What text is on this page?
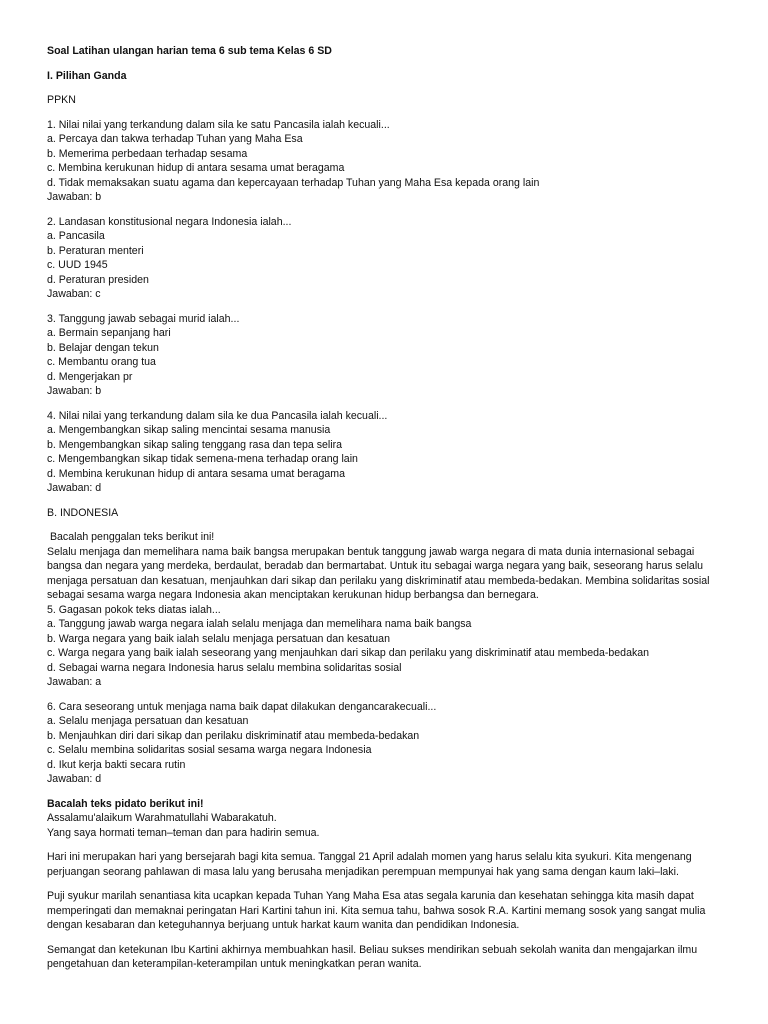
Soal Latihan ulangan harian tema 6 sub tema Kelas 6 SD
I. Pilihan Ganda
PPKN
1. Nilai nilai yang terkandung dalam sila ke satu Pancasila ialah kecuali...
a. Percaya dan takwa terhadap Tuhan yang Maha Esa
b. Memerima perbedaan terhadap sesama
c. Membina kerukunan hidup di antara sesama umat beragama
d. Tidak memaksakan suatu agama dan kepercayaan terhadap Tuhan yang Maha Esa kepada orang lain
Jawaban: b
2. Landasan konstitusional negara Indonesia ialah...
a. Pancasila
b. Peraturan menteri
c. UUD 1945
d. Peraturan presiden
Jawaban: c
3. Tanggung jawab sebagai murid ialah...
a. Bermain sepanjang hari
b. Belajar dengan tekun
c. Membantu orang tua
d. Mengerjakan pr
Jawaban: b
4. Nilai nilai yang terkandung dalam sila ke dua Pancasila ialah kecuali...
a. Mengembangkan sikap saling mencintai sesama manusia
b. Mengembangkan sikap saling tenggang rasa dan tepa selira
c. Mengembangkan sikap tidak semena-mena terhadap orang lain
d. Membina kerukunan hidup di antara sesama umat beragama
Jawaban: d
B. INDONESIA
Bacalah penggalan teks berikut ini!
Selalu menjaga dan memelihara nama baik bangsa merupakan bentuk tanggung jawab warga negara di mata dunia internasional sebagai
bangsa dan negara yang merdeka, berdaulat, beradab dan bermartabat. Untuk itu sebagai warga negara yang baik, seseorang harus selalu
menjaga persatuan dan kesatuan, menjauhkan dari sikap dan perilaku yang diskriminatif atau membeda-bedakan. Membina solidaritas sosial
sebagai sesama warga negara Indonesia akan menciptakan kerukunan hidup berbangsa dan bernegara.
5. Gagasan pokok teks diatas ialah...
a. Tanggung jawab warga negara ialah selalu menjaga dan memelihara nama baik bangsa
b. Warga negara yang baik ialah selalu menjaga persatuan dan kesatuan
c. Warga negara yang baik ialah seseorang yang menjauhkan dari sikap dan perilaku yang diskriminatif atau membeda-bedakan
d. Sebagai warna negara Indonesia harus selalu membina solidaritas sosial
Jawaban: a
6. Cara seseorang untuk menjaga nama baik dapat dilakukan dengancarakecuali...
a. Selalu menjaga persatuan dan kesatuan
b. Menjauhkan diri dari sikap dan perilaku diskriminatif atau membeda-bedakan
c. Selalu membina solidaritas sosial sesama warga negara Indonesia
d. Ikut kerja bakti secara rutin
Jawaban: d
Bacalah teks pidato berikut ini!
Assalamu'alaikum Warahmatullahi Wabarakatuh.
Yang saya hormati teman–teman dan para hadirin semua.
Hari ini merupakan hari yang bersejarah bagi kita semua. Tanggal 21 April adalah momen yang harus selalu kita syukuri. Kita mengenang
perjuangan seorang pahlawan di masa lalu yang berusaha menjadikan perempuan mempunyai hak yang sama dengan kaum laki–laki.
Puji syukur marilah senantiasa kita ucapkan kepada Tuhan Yang Maha Esa atas segala karunia dan kesehatan sehingga kita masih dapat
memperingati dan memaknai peringatan Hari Kartini tahun ini. Kita semua tahu, bahwa sosok R.A. Kartini memang sosok yang sangat mulia
dengan kesabaran dan keteguhannya berjuang untuk harkat kaum wanita dan pendidikan Indonesia.
Semangat dan ketekunan Ibu Kartini akhirnya membuahkan hasil. Beliau sukses mendirikan sebuah sekolah wanita dan mengajarkan ilmu
pengetahuan dan keterampilan-keterampilan untuk meningkatkan peran wanita.
